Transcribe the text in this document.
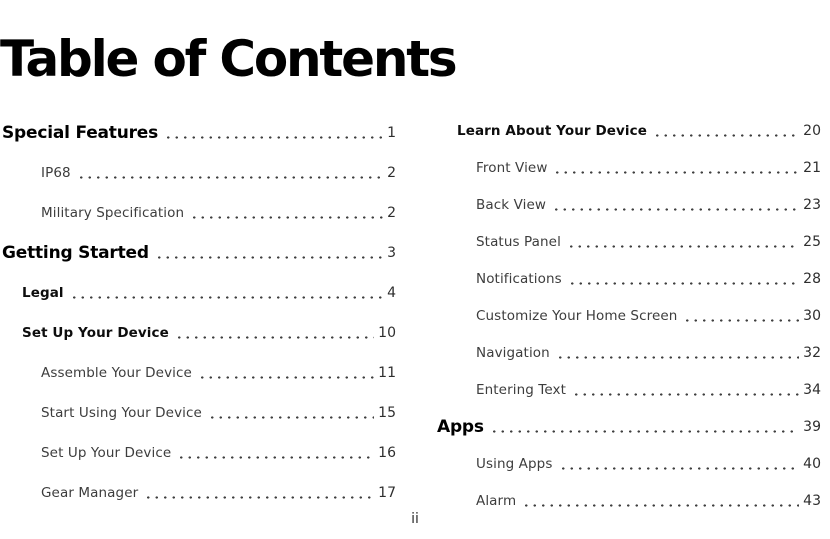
Table of Contents
Special Features	1
IP68	2
Military Specification	2
Getting Started	3
Legal	4
Set Up Your Device	10
Assemble Your Device	11
Start Using Your Device	15
Set Up Your Device	16
Gear Manager	17
Learn About Your Device	20
Front View	21
Back View	23
Status Panel	25
Notifications	28
Customize Your Home Screen	30
Navigation	32
Entering Text	34
Apps	39
Using Apps	40
Alarm	43
ii
